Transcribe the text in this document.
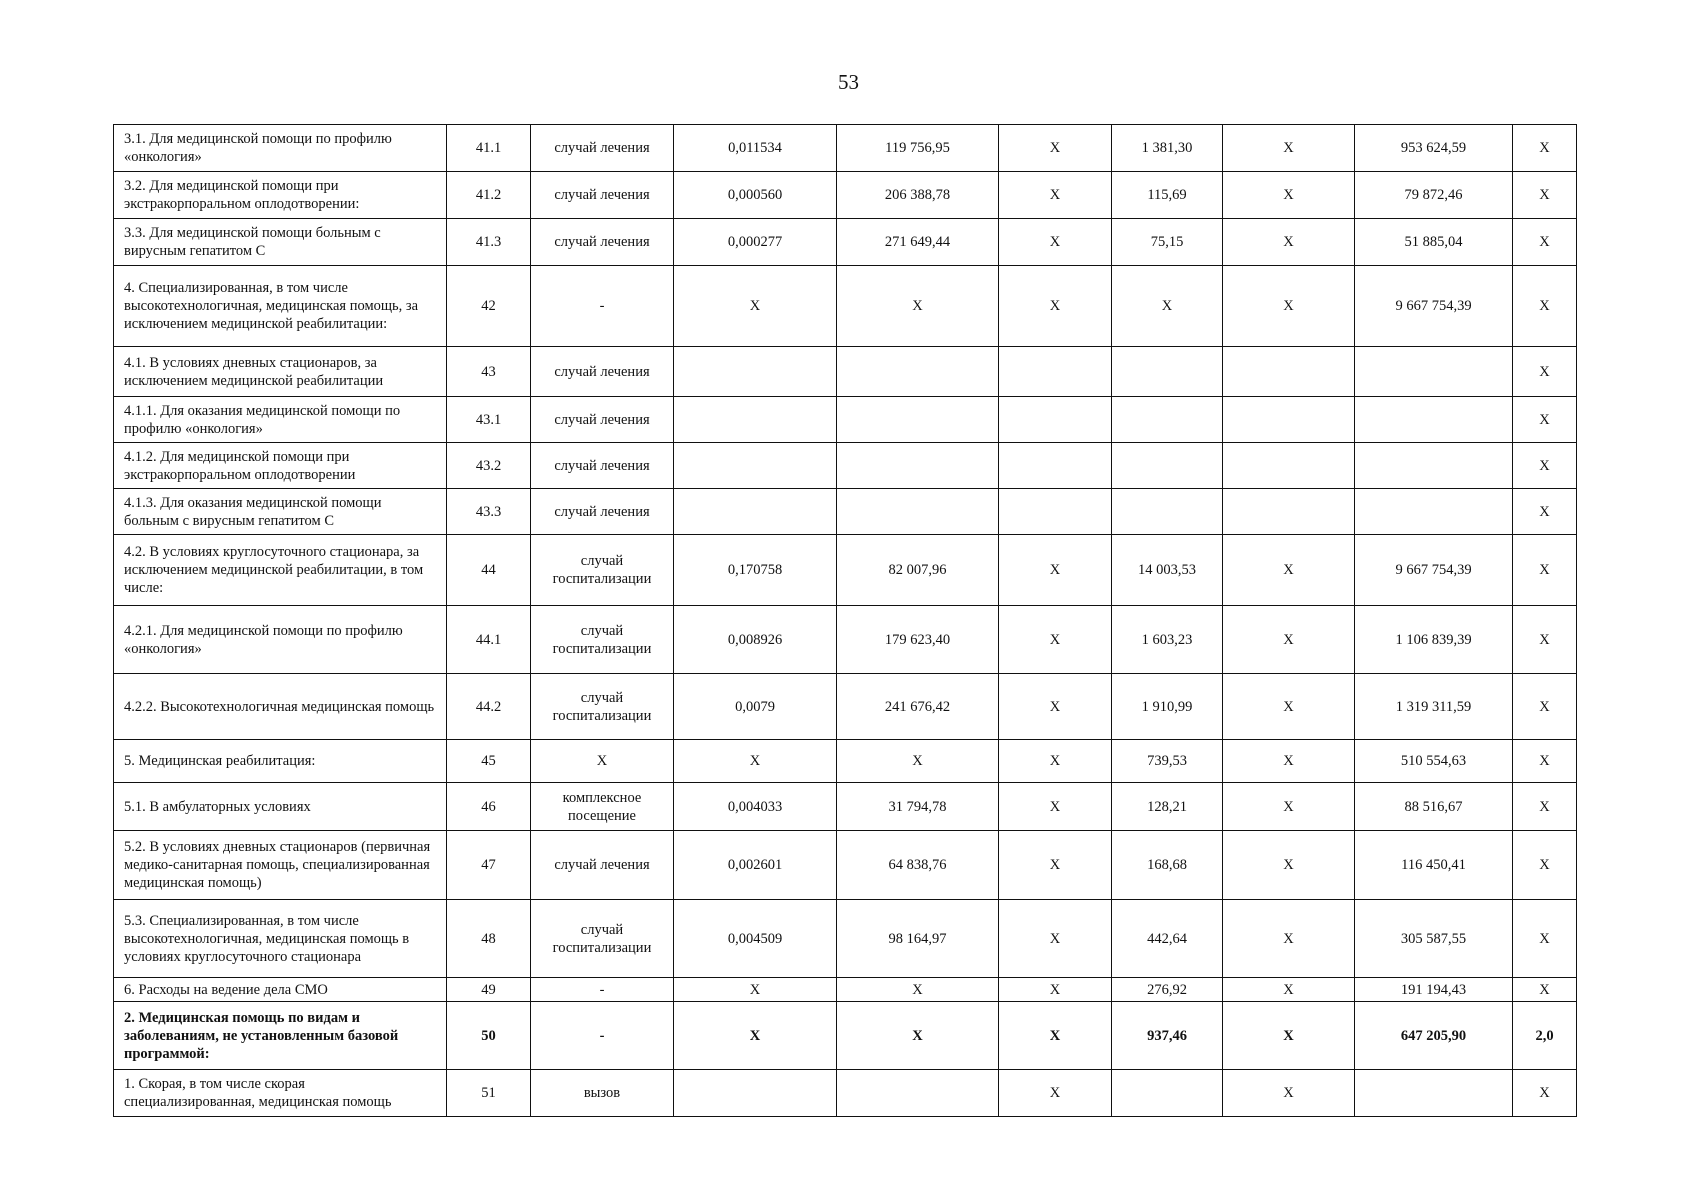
53
3.1. Для медицинской помощи по профилю «онкология»	41.1	случай лечения	0,011534	119 756,95	X	1 381,30	X	953 624,59	X
3.2. Для медицинской помощи при экстракорпоральном оплодотворении:	41.2	случай лечения	0,000560	206 388,78	X	115,69	X	79 872,46	X
3.3. Для медицинской помощи больным с вирусным гепатитом С	41.3	случай лечения	0,000277	271 649,44	X	75,15	X	51 885,04	X
4. Специализированная, в том числе высокотехнологичная, медицинская помощь, за исключением медицинской реабилитации:	42	-	X	X	X	X	X	9 667 754,39	X
4.1. В условиях дневных стационаров, за исключением медицинской реабилитации	43	случай лечения							X
4.1.1. Для оказания медицинской помощи по профилю «онкология»	43.1	случай лечения							X
4.1.2. Для медицинской помощи при экстракорпоральном оплодотворении	43.2	случай лечения							X
4.1.3. Для оказания медицинской помощи больным с вирусным гепатитом С	43.3	случай лечения							X
4.2. В условиях круглосуточного стационара, за исключением медицинской реабилитации, в том числе:	44	случай госпитализации	0,170758	82 007,96	X	14 003,53	X	9 667 754,39	X
4.2.1. Для медицинской помощи по профилю «онкология»	44.1	случай госпитализации	0,008926	179 623,40	X	1 603,23	X	1 106 839,39	X
4.2.2. Высокотехнологичная медицинская помощь	44.2	случай госпитализации	0,0079	241 676,42	X	1 910,99	X	1 319 311,59	X
5. Медицинская реабилитация:	45	X	X	X	X	739,53	X	510 554,63	X
5.1. В амбулаторных условиях	46	комплексное посещение	0,004033	31 794,78	X	128,21	X	88 516,67	X
5.2. В условиях дневных стационаров (первичная медико-санитарная помощь, специализированная медицинская помощь)	47	случай лечения	0,002601	64 838,76	X	168,68	X	116 450,41	X
5.3. Специализированная, в том числе высокотехнологичная, медицинская помощь в условиях круглосуточного стационара	48	случай госпитализации	0,004509	98 164,97	X	442,64	X	305 587,55	X
6. Расходы на ведение дела СМО	49	-	X	X	X	276,92	X	191 194,43	X
2. Медицинская помощь по видам и заболеваниям, не установленным базовой программой:	50	-	X	X	X	937,46	X	647 205,90	2,0
1. Скорая, в том числе скорая специализированная, медицинская помощь	51	вызов			X		X		X
